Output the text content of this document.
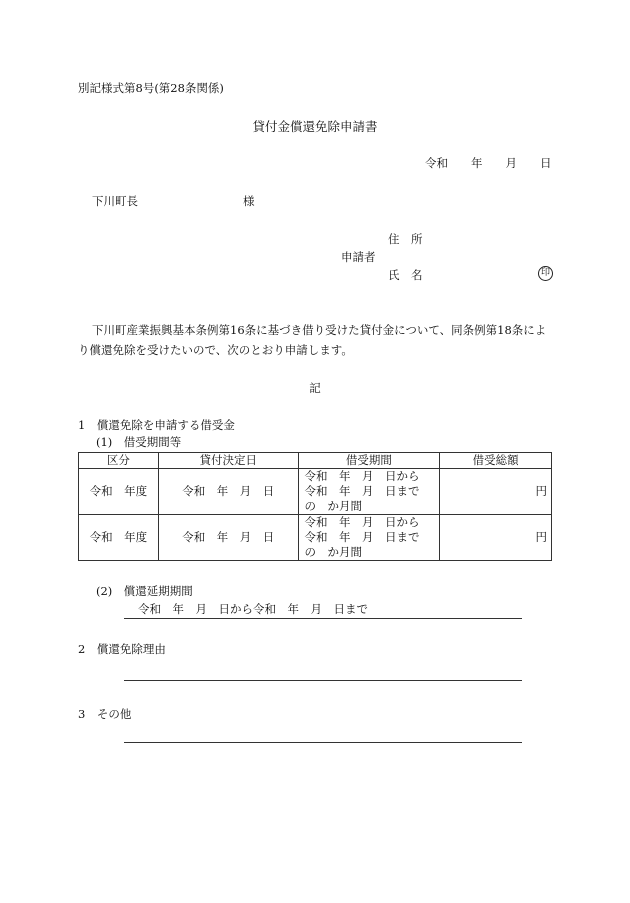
別記様式第8号(第28条関係)
貸付金償還免除申請書
令和　　年　　月　　日
下川町長	様
住　所
申請者
氏　名	印
下川町産業振興基本条例第16条に基づき借り受けた貸付金について、同条例第18条によ
り償還免除を受けたいので、次のとおり申請します。
記
1　償還免除を申請する借受金
(1)　借受期間等
区分	貸付決定日	借受期間	借受総額
令和　年度	令和　年　月　日	令和　年　月　日から
令和　年　月　日まで
の　か月間	円
令和　年度	令和　年　月　日	令和　年　月　日から
令和　年　月　日まで
の　か月間	円
(2)　償還延期期間
令和　年　月　日から令和　年　月　日まで
2　償還免除理由
3　その他
